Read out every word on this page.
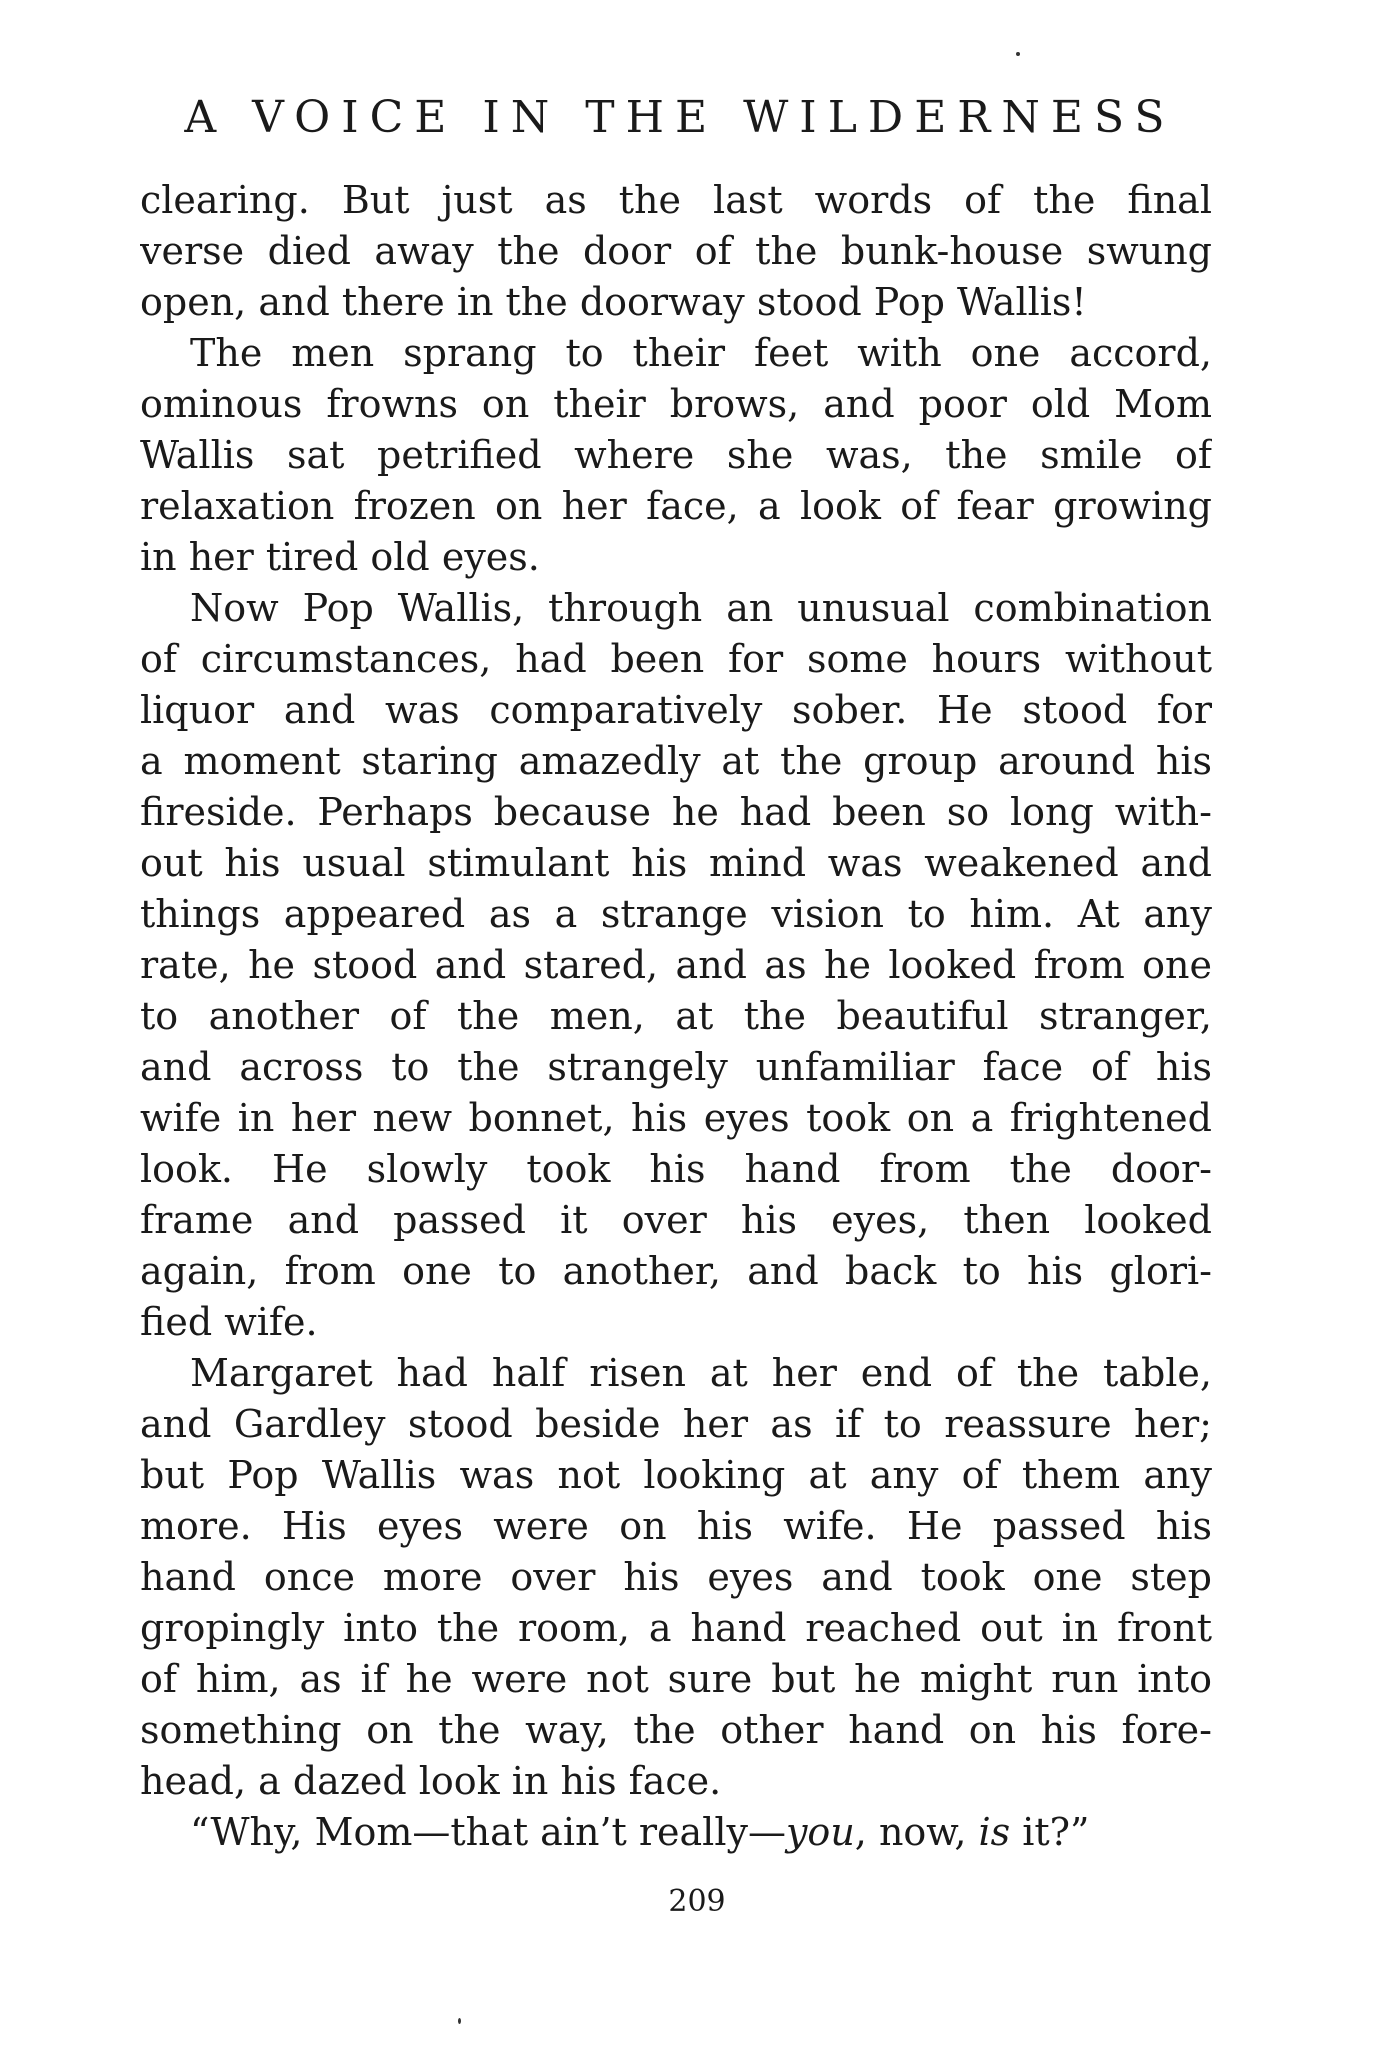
A VOICE IN THE WILDERNESS
clearing. But just as the last words of the final
verse died away the door of the bunk-house swung
open, and there in the doorway stood Pop Wallis!
The men sprang to their feet with one accord,
ominous frowns on their brows, and poor old Mom
Wallis sat petrified where she was, the smile of
relaxation frozen on her face, a look of fear growing
in her tired old eyes.
Now Pop Wallis, through an unusual combination
of circumstances, had been for some hours without
liquor and was comparatively sober. He stood for
a moment staring amazedly at the group around his
fireside. Perhaps because he had been so long with-
out his usual stimulant his mind was weakened and
things appeared as a strange vision to him. At any
rate, he stood and stared, and as he looked from one
to another of the men, at the beautiful stranger,
and across to the strangely unfamiliar face of his
wife in her new bonnet, his eyes took on a frightened
look. He slowly took his hand from the door-
frame and passed it over his eyes, then looked
again, from one to another, and back to his glori-
fied wife.
Margaret had half risen at her end of the table,
and Gardley stood beside her as if to reassure her;
but Pop Wallis was not looking at any of them any
more. His eyes were on his wife. He passed his
hand once more over his eyes and took one step
gropingly into the room, a hand reached out in front
of him, as if he were not sure but he might run into
something on the way, the other hand on his fore-
head, a dazed look in his face.
“Why, Mom—that ain’t really—you, now, is it?”
209
